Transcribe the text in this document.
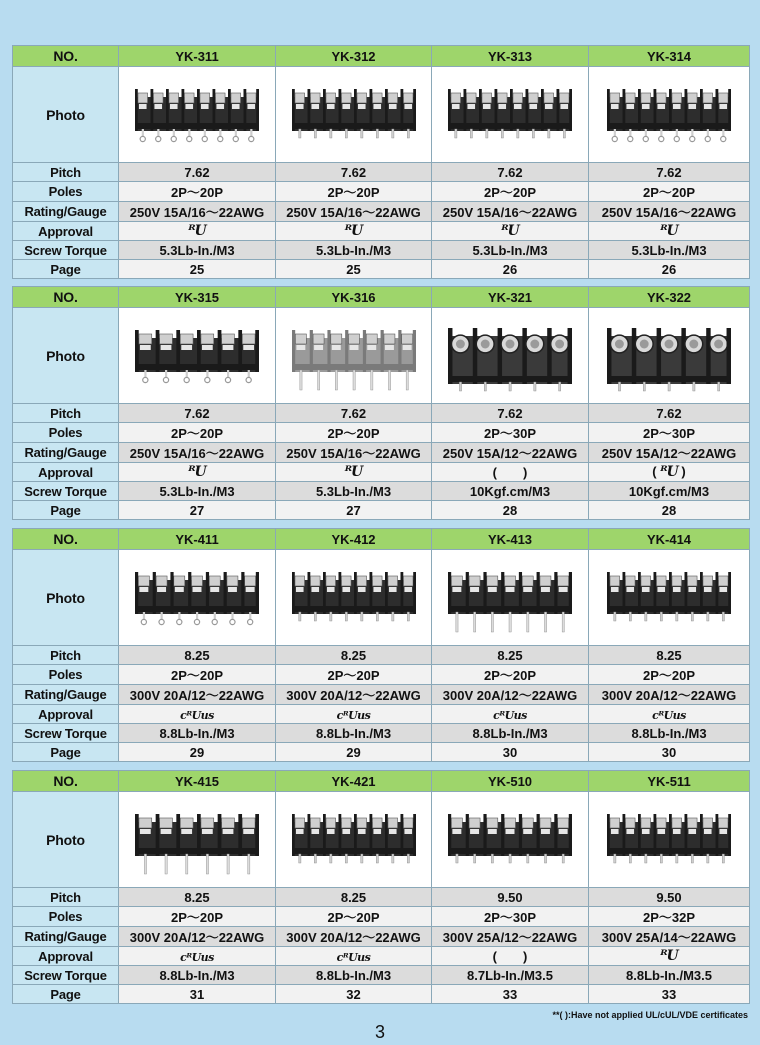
NO.	YK-311	YK-312	YK-313	YK-314
Photo	

Pitch	7.62	7.62	7.62	7.62
Poles	2P～20P	2P～20P	2P～20P	2P～20P
Rating/Gauge	250V 15A/16～22AWG	250V 15A/16～22AWG	250V 15A/16～22AWG	250V 15A/16～22AWG
Approval	ᴿU	ᴿU	ᴿU	ᴿU
Screw Torque	5.3Lb-In./M3	5.3Lb-In./M3	5.3Lb-In./M3	5.3Lb-In./M3
Page	25	25	26	26
NO.	YK-315	YK-316	YK-321	YK-322
Photo	

Pitch	7.62	7.62	7.62	7.62
Poles	2P～20P	2P～20P	2P～30P	2P～30P
Rating/Gauge	250V 15A/16～22AWG	250V 15A/16～22AWG	250V 15A/12～22AWG	250V 15A/12～22AWG
Approval	ᴿU	ᴿU	(  )	( ᴿU )
Screw Torque	5.3Lb-In./M3	5.3Lb-In./M3	10Kgf.cm/M3	10Kgf.cm/M3
Page	27	27	28	28
NO.	YK-411	YK-412	YK-413	YK-414
Photo	

Pitch	8.25	8.25	8.25	8.25
Poles	2P～20P	2P～20P	2P～20P	2P～20P
Rating/Gauge	300V 20A/12～22AWG	300V 20A/12～22AWG	300V 20A/12～22AWG	300V 20A/12～22AWG
Approval	cᴿUus	cᴿUus	cᴿUus	cᴿUus
Screw Torque	8.8Lb-In./M3	8.8Lb-In./M3	8.8Lb-In./M3	8.8Lb-In./M3
Page	29	29	30	30
NO.	YK-415	YK-421	YK-510	YK-511
Photo	

Pitch	8.25	8.25	9.50	9.50
Poles	2P～20P	2P～20P	2P～30P	2P～32P
Rating/Gauge	300V 20A/12～22AWG	300V 20A/12～22AWG	300V 25A/12～22AWG	300V 25A/14～22AWG
Approval	cᴿUus	cᴿUus	(  )	ᴿU
Screw Torque	8.8Lb-In./M3	8.8Lb-In./M3	8.7Lb-In./M3.5	8.8Lb-In./M3.5
Page	31	32	33	33
**( ):Have not applied UL/cUL/VDE certificates
3
